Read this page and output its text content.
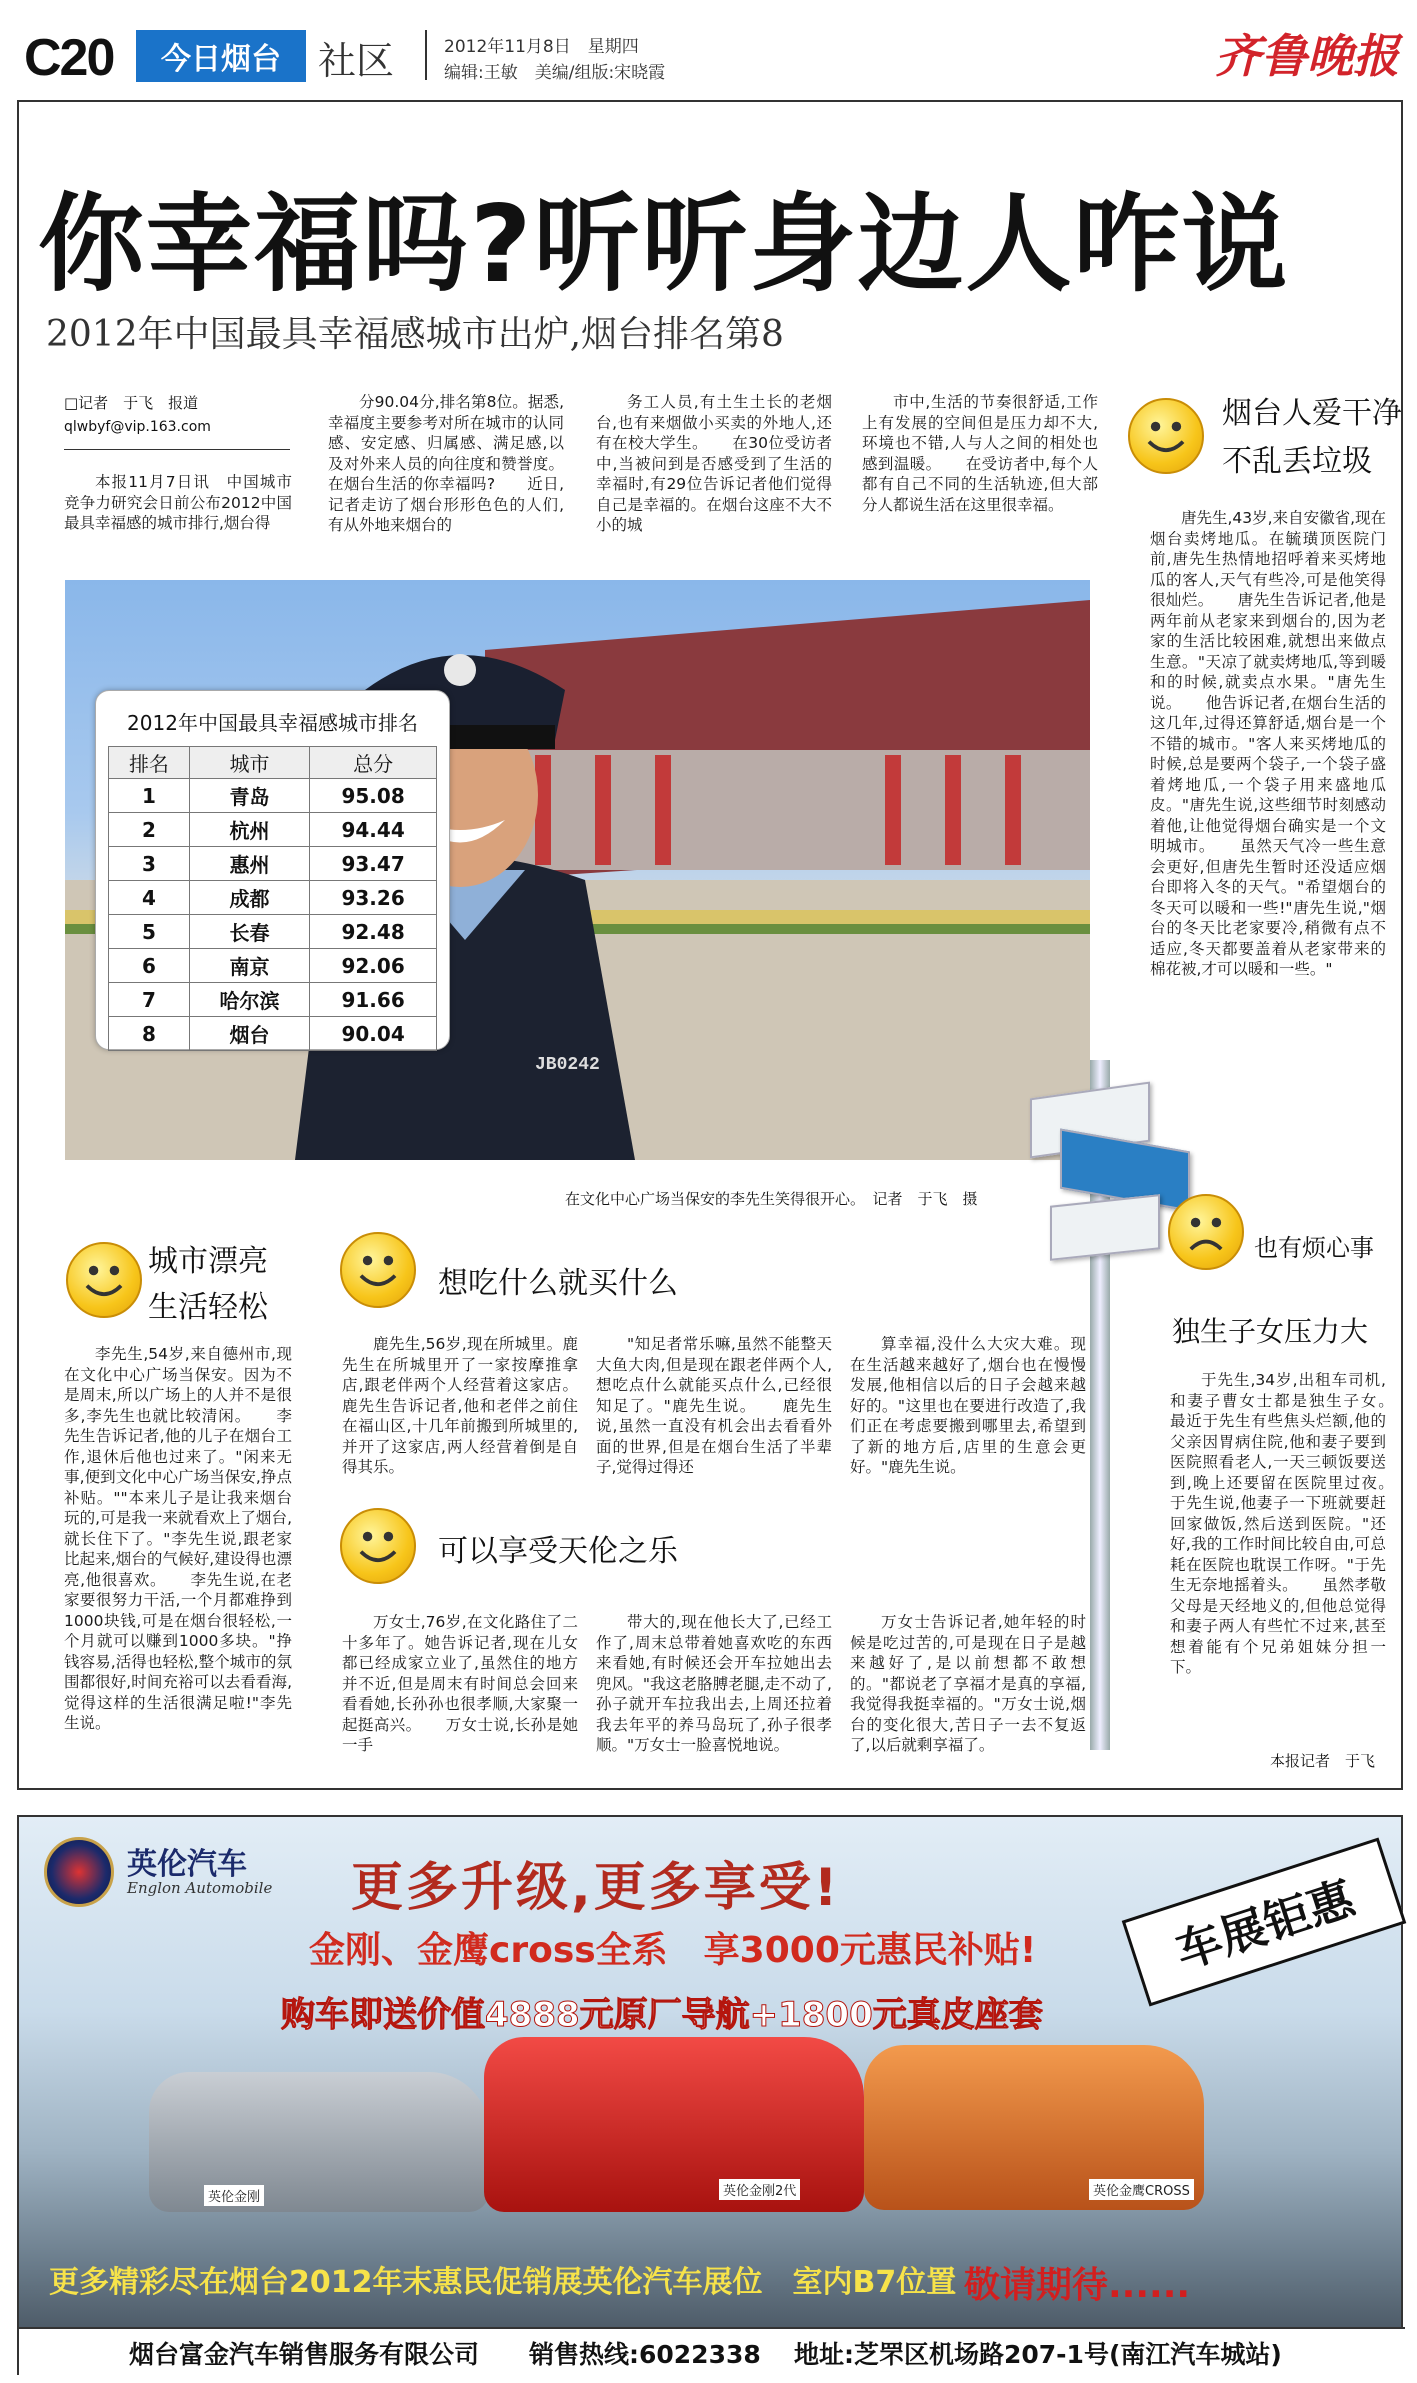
C20	今日烟台 社区	2012年11月8日　星期四
编辑:王敏　美编/组版:宋晓霞	齐鲁晚报
你幸福吗?听听身边人咋说
2012年中国最具幸福感城市出炉,烟台排名第8
□记者　于飞　报道
qlwbyf@vip.163.com

本报11月7日讯　中国城市竞争力研究会日前公布2012中国最具幸福感的城市排行,烟台得

分90.04分,排名第8位。据悉,幸福度主要参考对所在城市的认同感、安定感、归属感、满足感,以及对外来人员的向往度和赞誉度。在烟台生活的你幸福吗?　　近日,记者走访了烟台形形色色的人们,有从外地来烟台的

务工人员,有土生土长的老烟台,也有来烟做小买卖的外地人,还有在校大学生。　　在30位受访者中,当被问到是否感受到了生活的幸福时,有29位告诉记者他们觉得自己是幸福的。在烟台这座不大不小的城

市中,生活的节奏很舒适,工作上有发展的空间但是压力却不大,环境也不错,人与人之间的相处也感到温暖。　　在受访者中,每个人都有自己不同的生活轨迹,但大部分人都说生活在这里很幸福。

JB0242
2012年中国最具幸福感城市排名
排名	城市	总分
1	青岛	95.08
2	杭州	94.44
3	惠州	93.47
4	成都	93.26
5	长春	92.48
6	南京	92.06
7	哈尔滨	91.66
8	烟台	90.04
在文化中心广场当保安的李先生笑得很开心。　记者　于飞　摄
烟台人爱干净
不乱丢垃圾

唐先生,43岁,来自安徽省,现在烟台卖烤地瓜。在毓璜顶医院门前,唐先生热情地招呼着来买烤地瓜的客人,天气有些冷,可是他笑得很灿烂。　　唐先生告诉记者,他是两年前从老家来到烟台的,因为老家的生活比较困难,就想出来做点生意。"天凉了就卖烤地瓜,等到暖和的时候,就卖点水果。"唐先生说。　　他告诉记者,在烟台生活的这几年,过得还算舒适,烟台是一个不错的城市。"客人来买烤地瓜的时候,总是要两个袋子,一个袋子盛着烤地瓜,一个袋子用来盛地瓜皮。"唐先生说,这些细节时刻感动着他,让他觉得烟台确实是一个文明城市。　　虽然天气冷一些生意会更好,但唐先生暂时还没适应烟台即将入冬的天气。"希望烟台的冬天可以暖和一些!"唐先生说,"烟台的冬天比老家要冷,稍微有点不适应,冬天都要盖着从老家带来的棉花被,才可以暖和一些。"

也有烦心事
独生子女压力大

于先生,34岁,出租车司机,和妻子曹女士都是独生子女。　　最近于先生有些焦头烂额,他的父亲因胃病住院,他和妻子要到医院照看老人,一天三顿饭要送到,晚上还要留在医院里过夜。　　于先生说,他妻子一下班就要赶回家做饭,然后送到医院。"还好,我的工作时间比较自由,可总耗在医院也耽误工作呀。"于先生无奈地摇着头。　　虽然孝敬父母是天经地义的,但他总觉得和妻子两人有些忙不过来,甚至想着能有个兄弟姐妹分担一下。

本报记者　于飞
城市漂亮
生活轻松

李先生,54岁,来自德州市,现在文化中心广场当保安。因为不是周末,所以广场上的人并不是很多,李先生也就比较清闲。　　李先生告诉记者,他的儿子在烟台工作,退休后他也过来了。"闲来无事,便到文化中心广场当保安,挣点补贴。""本来儿子是让我来烟台玩的,可是我一来就看欢上了烟台,就长住下了。"李先生说,跟老家比起来,烟台的气候好,建设得也漂亮,他很喜欢。　　李先生说,在老家要很努力干活,一个月都难挣到1000块钱,可是在烟台很轻松,一个月就可以赚到1000多块。"挣钱容易,活得也轻松,整个城市的氛围都很好,时间充裕可以去看看海,觉得这样的生活很满足啦!"李先生说。

想吃什么就买什么

鹿先生,56岁,现在所城里。鹿先生在所城里开了一家按摩推拿店,跟老伴两个人经营着这家店。鹿先生告诉记者,他和老伴之前住在福山区,十几年前搬到所城里的,并开了这家店,两人经营着倒是自得其乐。

"知足者常乐嘛,虽然不能整天大鱼大肉,但是现在跟老伴两个人,想吃点什么就能买点什么,已经很知足了。"鹿先生说。　　鹿先生说,虽然一直没有机会出去看看外面的世界,但是在烟台生活了半辈子,觉得过得还

算幸福,没什么大灾大难。现在生活越来越好了,烟台也在慢慢发展,他相信以后的日子会越来越好的。"这里也在要进行改造了,我们正在考虑要搬到哪里去,希望到了新的地方后,店里的生意会更好。"鹿先生说。

可以享受天伦之乐

万女士,76岁,在文化路住了二十多年了。她告诉记者,现在儿女都已经成家立业了,虽然住的地方并不近,但是周末有时间总会回来看看她,长孙孙也很孝顺,大家聚一起挺高兴。　　万女士说,长孙是她一手

带大的,现在他长大了,已经工作了,周末总带着她喜欢吃的东西来看她,有时候还会开车拉她出去兜风。"我这老胳膊老腿,走不动了,孙子就开车拉我出去,上周还拉着我去年平的养马岛玩了,孙子很孝顺。"万女士一脸喜悦地说。

万女士告诉记者,她年轻的时候是吃过苦的,可是现在日子是越来越好了,是以前想都不敢想的。"都说老了享福才是真的享福,我觉得我挺幸福的。"万女士说,烟台的变化很大,苦日子一去不复返了,以后就剩享福了。

英伦汽车
Englon Automobile 更多升级,更多享受!
金刚、金鹰cross全系　享3000元惠民补贴!
购车即送价值4888元原厂导航+1800元真皮座套
车展钜惠
英伦金刚	英伦金刚2代	英伦金鹰CROSS
更多精彩尽在烟台2012年末惠民促销展英伦汽车展位　室内B7位置 敬请期待......
烟台富金汽车销售服务有限公司 销售热线:6022338 地址:芝罘区机场路207-1号(南江汽车城站)
